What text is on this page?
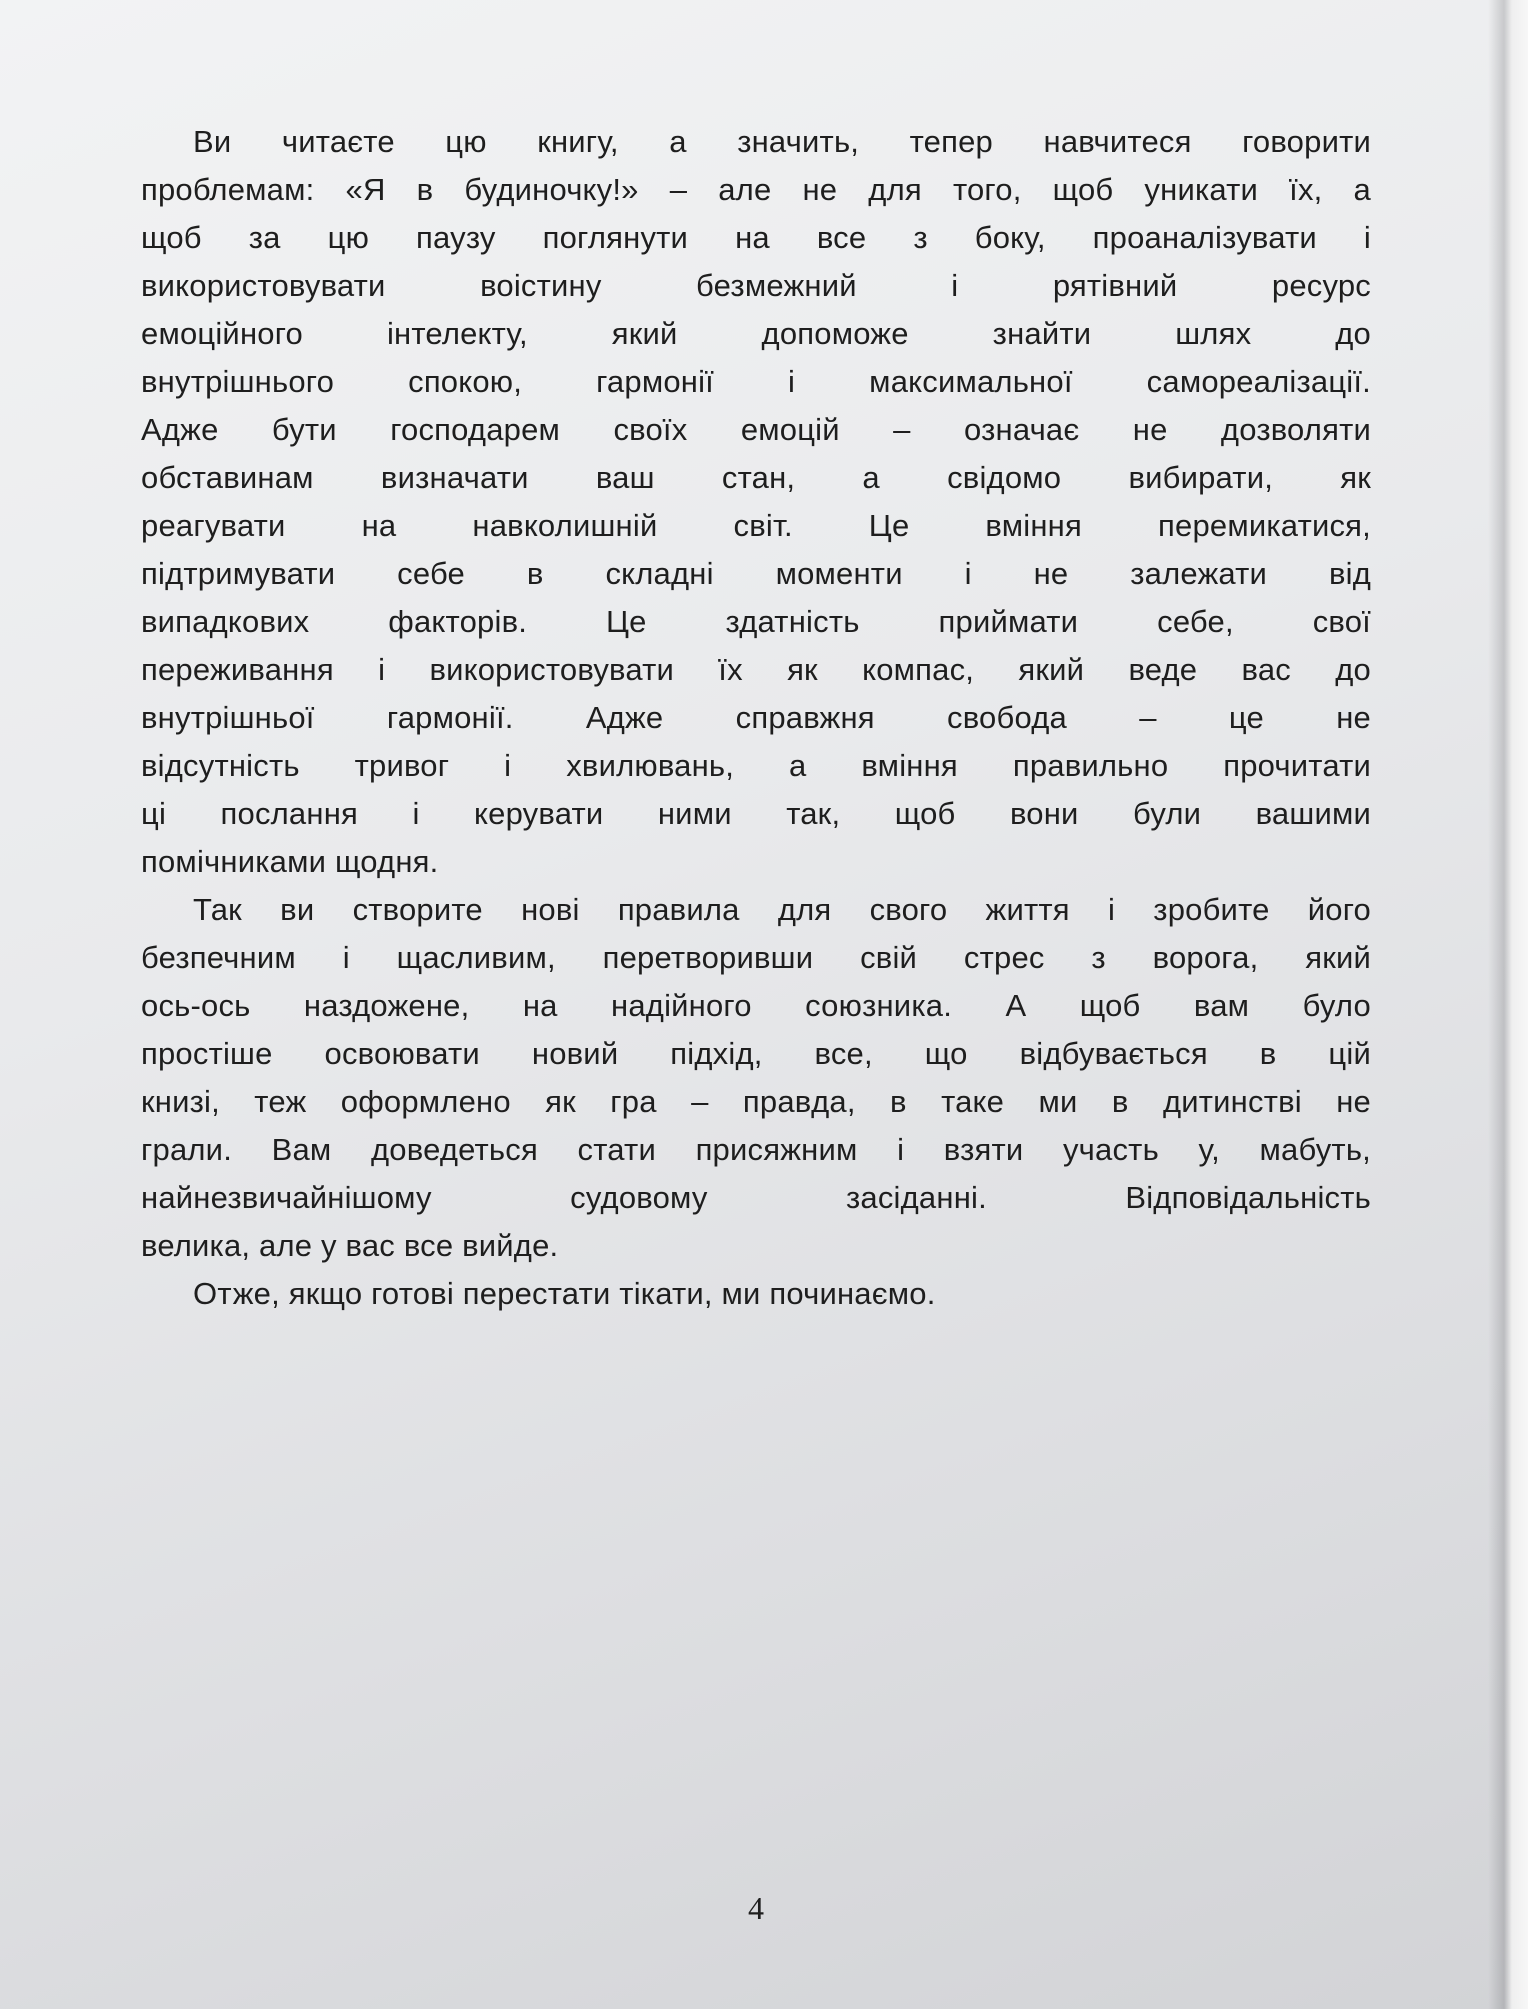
Ви читаєте цю книгу, а значить, тепер навчитеся говорити
проблемам: «Я в будиночку!» – але не для того, щоб уникати їх, а
щоб за цю паузу поглянути на все з боку, проаналізувати і
використовувати воістину безмежний і рятівний ресурс
емоційного інтелекту, який допоможе знайти шлях до
внутрішнього спокою, гармонії і максимальної самореалізації.
Адже бути господарем своїх емоцій – означає не дозволяти
обставинам визначати ваш стан, а свідомо вибирати, як
реагувати на навколишній світ. Це вміння перемикатися,
підтримувати себе в складні моменти і не залежати від
випадкових факторів. Це здатність приймати себе, свої
переживання і використовувати їх як компас, який веде вас до
внутрішньої гармонії. Адже справжня свобода – це не
відсутність тривог і хвилювань, а вміння правильно прочитати
ці послання і керувати ними так, щоб вони були вашими
помічниками щодня.
Так ви створите нові правила для свого життя і зробите його
безпечним і щасливим, перетворивши свій стрес з ворога, який
ось-ось наздожене, на надійного союзника. А щоб вам було
простіше освоювати новий підхід, все, що відбувається в цій
книзі, теж оформлено як гра – правда, в таке ми в дитинстві не
грали. Вам доведеться стати присяжним і взяти участь у, мабуть,
найнезвичайнішому судовому засіданні. Відповідальність
велика, але у вас все вийде.
Отже, якщо готові перестати тікати, ми починаємо.
4
